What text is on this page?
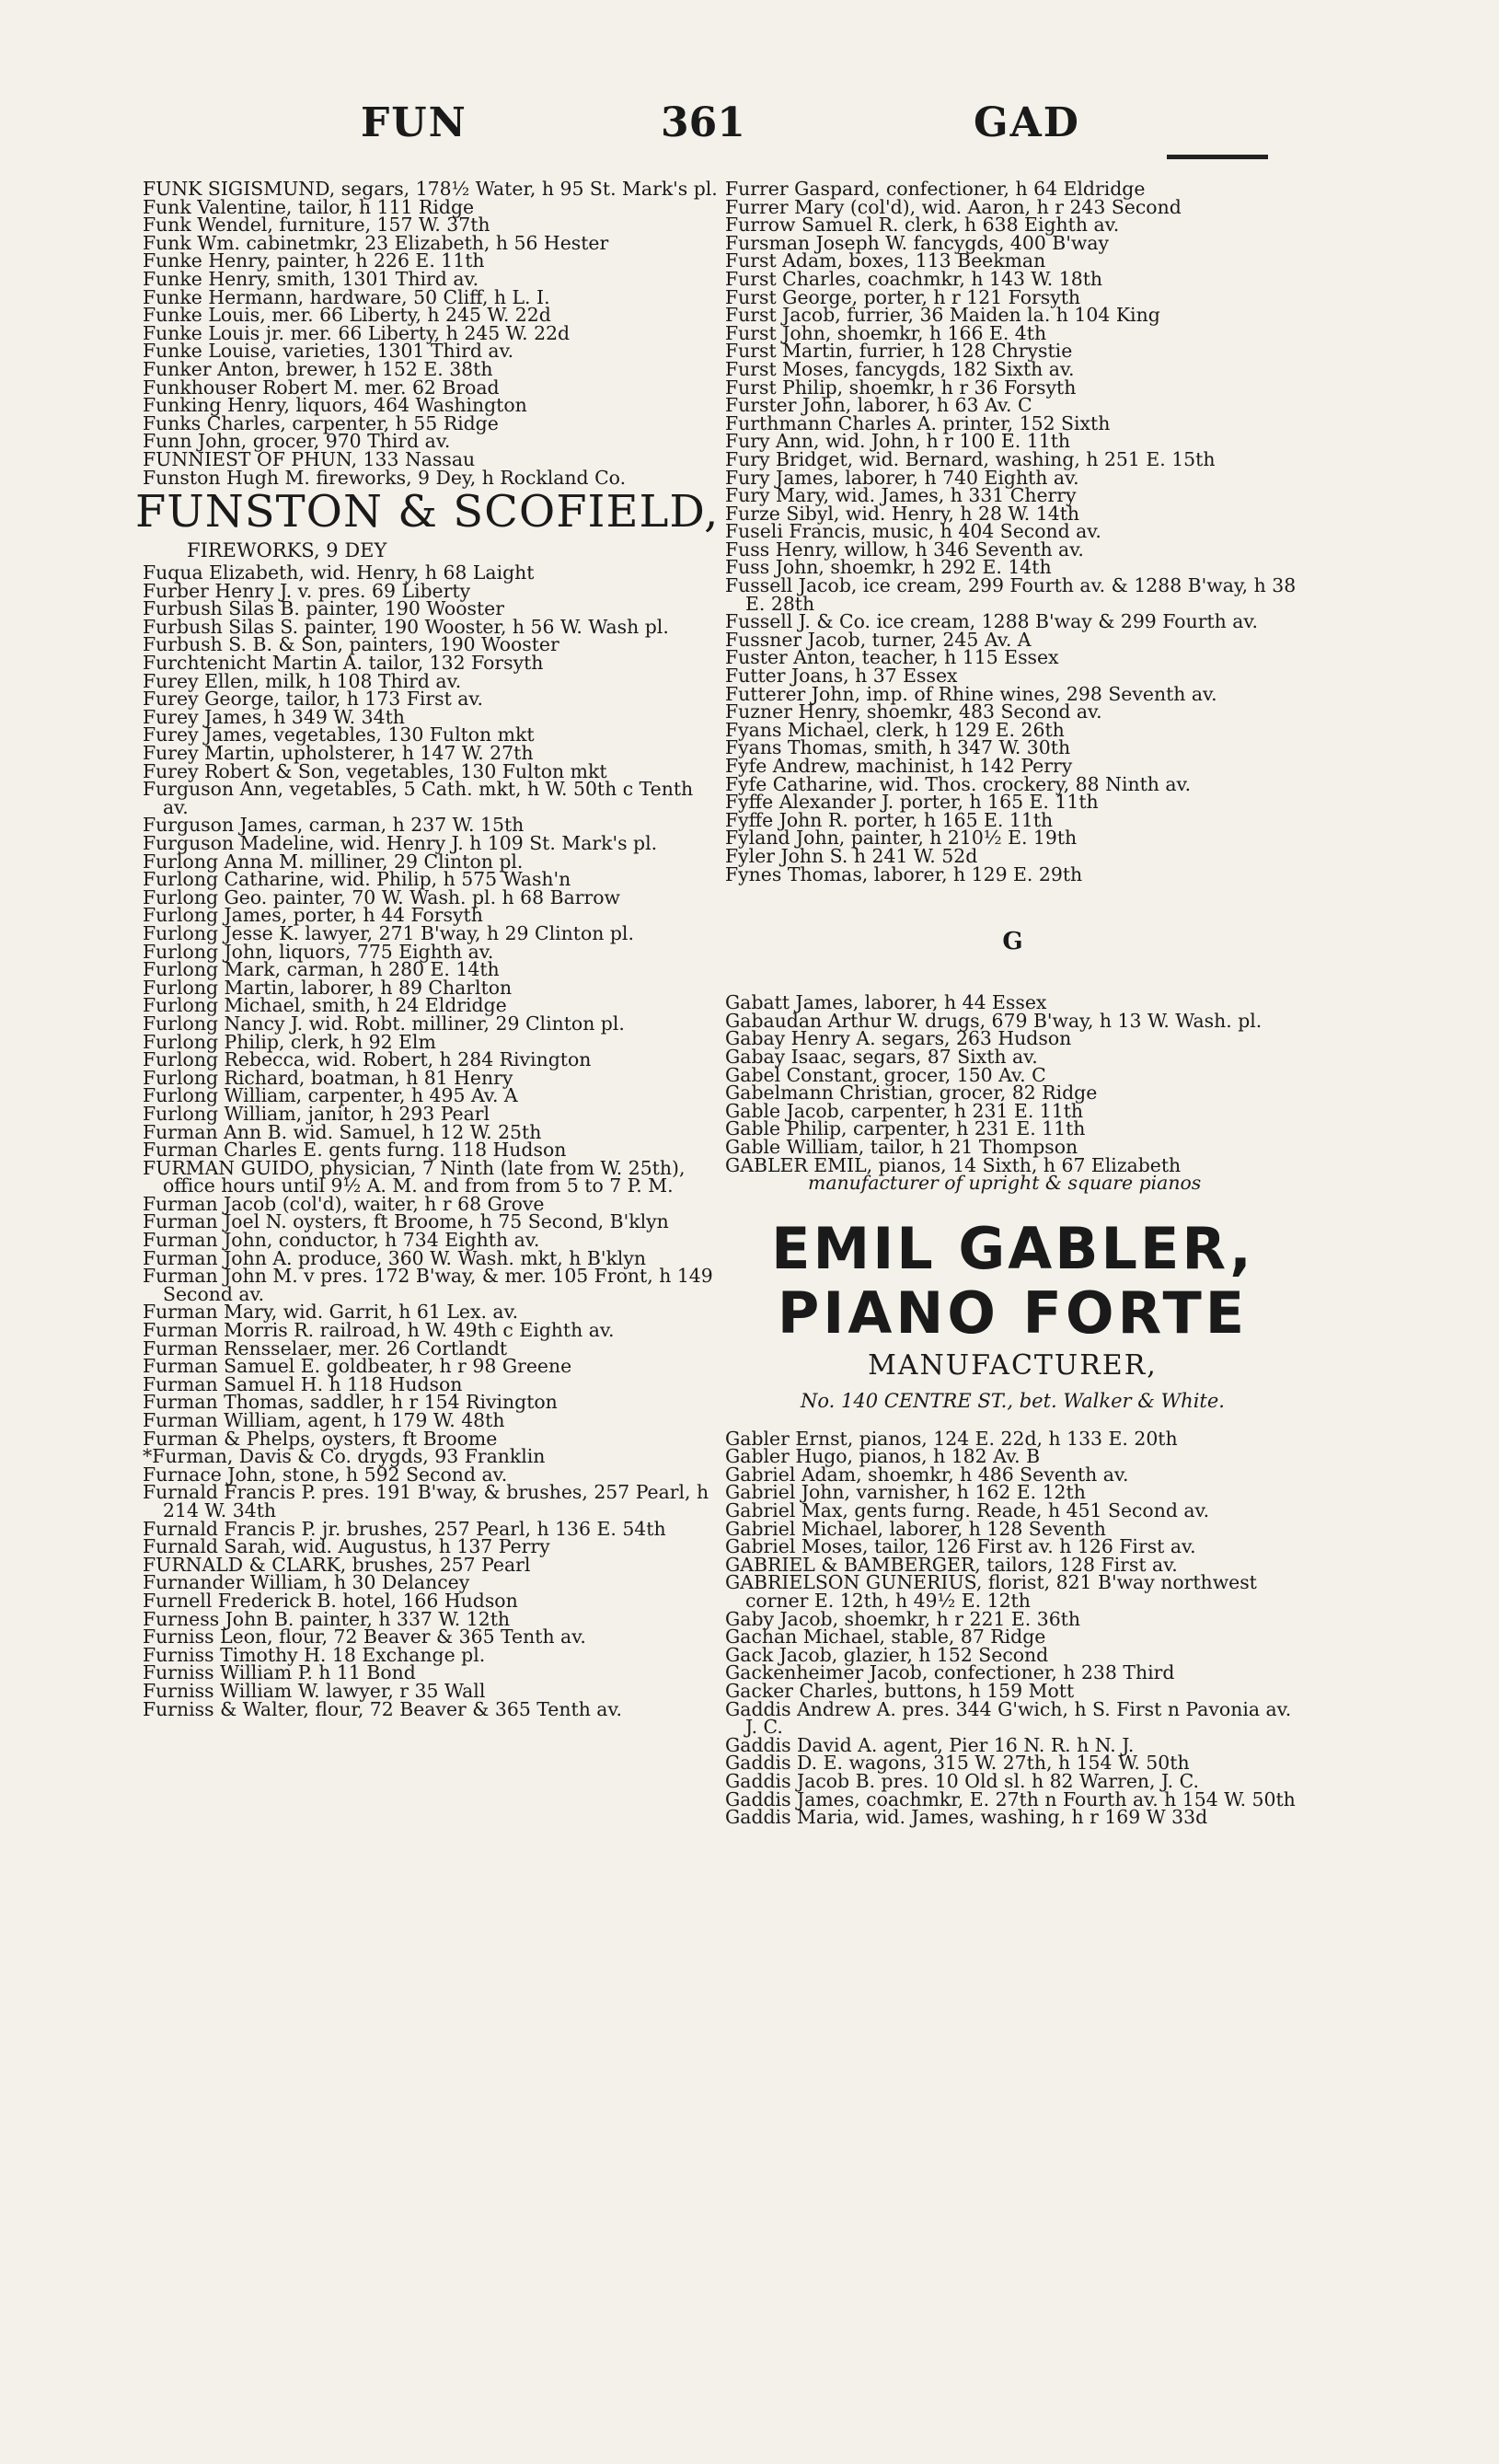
FUN	361	GAD
FUNK SIGISMUND, segars, 178½ Water, h 95 St. Mark's pl.
Funk Valentine, tailor, h 111 Ridge
Funk Wendel, furniture, 157 W. 37th
Funk Wm. cabinetmkr, 23 Elizabeth, h 56 Hester
Funke Henry, painter, h 226 E. 11th
Funke Henry, smith, 1301 Third av.
Funke Hermann, hardware, 50 Cliff, h L. I.
Funke Louis, mer. 66 Liberty, h 245 W. 22d
Funke Louis jr. mer. 66 Liberty, h 245 W. 22d
Funke Louise, varieties, 1301 Third av.
Funker Anton, brewer, h 152 E. 38th
Funkhouser Robert M. mer. 62 Broad
Funking Henry, liquors, 464 Washington
Funks Charles, carpenter, h 55 Ridge
Funn John, grocer, 970 Third av.
FUNNIEST OF PHUN, 133 Nassau
Funston Hugh M. fireworks, 9 Dey, h Rockland Co.
FUNSTON & SCOFIELD,
FIREWORKS, 9 DEY
Fuqua Elizabeth, wid. Henry, h 68 Laight
Furber Henry J. v. pres. 69 Liberty
Furbush Silas B. painter, 190 Wooster
Furbush Silas S. painter, 190 Wooster, h 56 W. Wash pl.
Furbush S. B. & Son, painters, 190 Wooster
Furchtenicht Martin A. tailor, 132 Forsyth
Furey Ellen, milk, h 108 Third av.
Furey George, tailor, h 173 First av.
Furey James, h 349 W. 34th
Furey James, vegetables, 130 Fulton mkt
Furey Martin, upholsterer, h 147 W. 27th
Furey Robert & Son, vegetables, 130 Fulton mkt
Furguson Ann, vegetables, 5 Cath. mkt, h W. 50th c Tenth av.
Furguson James, carman, h 237 W. 15th
Furguson Madeline, wid. Henry J. h 109 St. Mark's pl.
Furlong Anna M. milliner, 29 Clinton pl.
Furlong Catharine, wid. Philip, h 575 Wash'n
Furlong Geo. painter, 70 W. Wash. pl. h 68 Barrow
Furlong James, porter, h 44 Forsyth
Furlong Jesse K. lawyer, 271 B'way, h 29 Clinton pl.
Furlong John, liquors, 775 Eighth av.
Furlong Mark, carman, h 280 E. 14th
Furlong Martin, laborer, h 89 Charlton
Furlong Michael, smith, h 24 Eldridge
Furlong Nancy J. wid. Robt. milliner, 29 Clinton pl.
Furlong Philip, clerk, h 92 Elm
Furlong Rebecca, wid. Robert, h 284 Rivington
Furlong Richard, boatman, h 81 Henry
Furlong William, carpenter, h 495 Av. A
Furlong William, janitor, h 293 Pearl
Furman Ann B. wid. Samuel, h 12 W. 25th
Furman Charles E. gents furng. 118 Hudson
FURMAN GUIDO, physician, 7 Ninth (late from W. 25th), office hours until 9½ A. M. and from from 5 to 7 P. M.
Furman Jacob (col'd), waiter, h r 68 Grove
Furman Joel N. oysters, ft Broome, h 75 Second, B'klyn
Furman John, conductor, h 734 Eighth av.
Furman John A. produce, 360 W. Wash. mkt, h B'klyn
Furman John M. v pres. 172 B'way, & mer. 105 Front, h 149 Second av.
Furman Mary, wid. Garrit, h 61 Lex. av.
Furman Morris R. railroad, h W. 49th c Eighth av.
Furman Rensselaer, mer. 26 Cortlandt
Furman Samuel E. goldbeater, h r 98 Greene
Furman Samuel H. h 118 Hudson
Furman Thomas, saddler, h r 154 Rivington
Furman William, agent, h 179 W. 48th
Furman & Phelps, oysters, ft Broome
*Furman, Davis & Co. drygds, 93 Franklin
Furnace John, stone, h 592 Second av.
Furnald Francis P. pres. 191 B'way, & brushes, 257 Pearl, h 214 W. 34th
Furnald Francis P. jr. brushes, 257 Pearl, h 136 E. 54th
Furnald Sarah, wid. Augustus, h 137 Perry
FURNALD & CLARK, brushes, 257 Pearl
Furnander William, h 30 Delancey
Furnell Frederick B. hotel, 166 Hudson
Furness John B. painter, h 337 W. 12th
Furniss Leon, flour, 72 Beaver & 365 Tenth av.
Furniss Timothy H. 18 Exchange pl.
Furniss William P. h 11 Bond
Furniss William W. lawyer, r 35 Wall
Furniss & Walter, flour, 72 Beaver & 365 Tenth av.
Furrer Gaspard, confectioner, h 64 Eldridge
Furrer Mary (col'd), wid. Aaron, h r 243 Second
Furrow Samuel R. clerk, h 638 Eighth av.
Fursman Joseph W. fancygds, 400 B'way
Furst Adam, boxes, 113 Beekman
Furst Charles, coachmkr, h 143 W. 18th
Furst George, porter, h r 121 Forsyth
Furst Jacob, furrier, 36 Maiden la. h 104 King
Furst John, shoemkr, h 166 E. 4th
Furst Martin, furrier, h 128 Chrystie
Furst Moses, fancygds, 182 Sixth av.
Furst Philip, shoemkr, h r 36 Forsyth
Furster John, laborer, h 63 Av. C
Furthmann Charles A. printer, 152 Sixth
Fury Ann, wid. John, h r 100 E. 11th
Fury Bridget, wid. Bernard, washing, h 251 E. 15th
Fury James, laborer, h 740 Eighth av.
Fury Mary, wid. James, h 331 Cherry
Furze Sibyl, wid. Henry, h 28 W. 14th
Fuseli Francis, music, h 404 Second av.
Fuss Henry, willow, h 346 Seventh av.
Fuss John, shoemkr, h 292 E. 14th
Fussell Jacob, ice cream, 299 Fourth av. & 1288 B'way, h 38 E. 28th
Fussell J. & Co. ice cream, 1288 B'way & 299 Fourth av.
Fussner Jacob, turner, 245 Av. A
Fuster Anton, teacher, h 115 Essex
Futter Joans, h 37 Essex
Futterer John, imp. of Rhine wines, 298 Seventh av.
Fuzner Henry, shoemkr, 483 Second av.
Fyans Michael, clerk, h 129 E. 26th
Fyans Thomas, smith, h 347 W. 30th
Fyfe Andrew, machinist, h 142 Perry
Fyfe Catharine, wid. Thos. crockery, 88 Ninth av.
Fyffe Alexander J. porter, h 165 E. 11th
Fyffe John R. porter, h 165 E. 11th
Fyland John, painter, h 210½ E. 19th
Fyler John S. h 241 W. 52d
Fynes Thomas, laborer, h 129 E. 29th
G
Gabatt James, laborer, h 44 Essex
Gabaudan Arthur W. drugs, 679 B'way, h 13 W. Wash. pl.
Gabay Henry A. segars, 263 Hudson
Gabay Isaac, segars, 87 Sixth av.
Gabel Constant, grocer, 150 Av. C
Gabelmann Christian, grocer, 82 Ridge
Gable Jacob, carpenter, h 231 E. 11th
Gable Philip, carpenter, h 231 E. 11th
Gable William, tailor, h 21 Thompson
GABLER EMIL, pianos, 14 Sixth, h 67 Elizabeth
manufacturer of upright & square pianos
EMIL GABLER,
PIANO FORTE
MANUFACTURER,
No. 140 CENTRE ST., bet. Walker & White.
Gabler Ernst, pianos, 124 E. 22d, h 133 E. 20th
Gabler Hugo, pianos, h 182 Av. B
Gabriel Adam, shoemkr, h 486 Seventh av.
Gabriel John, varnisher, h 162 E. 12th
Gabriel Max, gents furng. Reade, h 451 Second av.
Gabriel Michael, laborer, h 128 Seventh
Gabriel Moses, tailor, 126 First av. h 126 First av.
GABRIEL & BAMBERGER, tailors, 128 First av.
GABRIELSON GUNERIUS, florist, 821 B'way northwest corner E. 12th, h 49½ E. 12th
Gaby Jacob, shoemkr, h r 221 E. 36th
Gachan Michael, stable, 87 Ridge
Gack Jacob, glazier, h 152 Second
Gackenheimer Jacob, confectioner, h 238 Third
Gacker Charles, buttons, h 159 Mott
Gaddis Andrew A. pres. 344 G'wich, h S. First n Pavonia av. J. C.
Gaddis David A. agent, Pier 16 N. R. h N. J.
Gaddis D. E. wagons, 315 W. 27th, h 154 W. 50th
Gaddis Jacob B. pres. 10 Old sl. h 82 Warren, J. C.
Gaddis James, coachmkr, E. 27th n Fourth av. h 154 W. 50th
Gaddis Maria, wid. James, washing, h r 169 W 33d
